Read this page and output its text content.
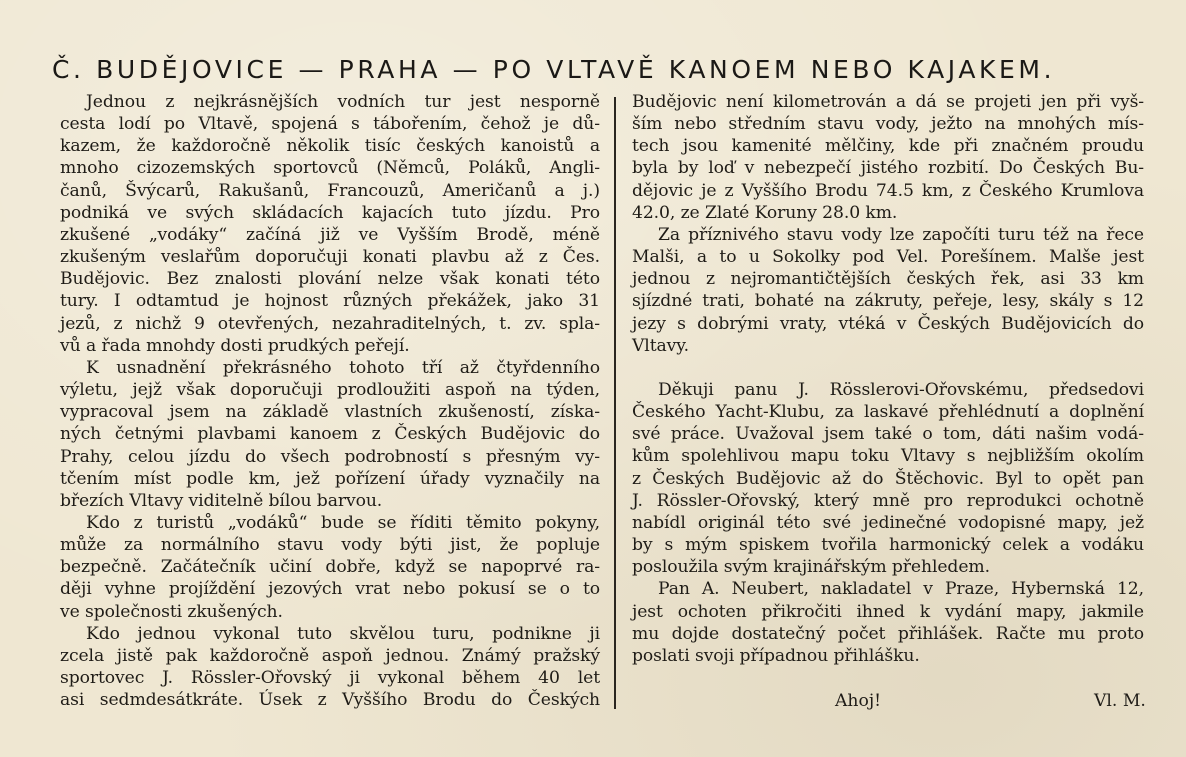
Č. BUDĚJOVICE — PRAHA — PO VLTAVĚ KANOEM NEBO KAJAKEM.
Jednou z nejkrásnějších vodních tur jest nesporně
cesta lodí po Vltavě, spojená s tábořením, čehož je dů-
kazem, že každoročně několik tisíc českých kanoistů a
mnoho cizozemských sportovců (Němců, Poláků, Angli-
čanů, Švýcarů, Rakušanů, Francouzů, Američanů a j.)
podniká ve svých skládacích kajacích tuto jízdu. Pro
zkušené „vodáky“ začíná již ve Vyšším Brodě, méně
zkušeným veslařům doporučuji konati plavbu až z Čes.
Budějovic. Bez znalosti plování nelze však konati této
tury. I odtamtud je hojnost různých překážek, jako 31
jezů, z nichž 9 otevřených, nezahraditelných, t. zv. spla-
vů a řada mnohdy dosti prudkých peřejí.
K usnadnění překrásného tohoto tří až čtyřdenního
výletu, jejž však doporučuji prodloužiti aspoň na týden,
vypracoval jsem na základě vlastních zkušeností, získa-
ných četnými plavbami kanoem z Českých Budějovic do
Prahy, celou jízdu do všech podrobností s přesným vy-
tčením míst podle km, jež pořízení úřady vyznačily na
březích Vltavy viditelně bílou barvou.
Kdo z turistů „vodáků“ bude se říditi těmito pokyny,
může za normálního stavu vody býti jist, že popluje
bezpečně. Začátečník učiní dobře, když se napoprvé ra-
ději vyhne projíždění jezových vrat nebo pokusí se o to
ve společnosti zkušených.
Kdo jednou vykonal tuto skvělou turu, podnikne ji
zcela jistě pak každoročně aspoň jednou. Známý pražský
sportovec J. Rössler-Ořovský ji vykonal během 40 let
asi sedmdesátkráte. Úsek z Vyššího Brodu do Českých
Budějovic není kilometrován a dá se projeti jen při vyš-
ším nebo středním stavu vody, ježto na mnohých mís-
tech jsou kamenité mělčiny, kde při značném proudu
byla by loď v nebezpečí jistého rozbití. Do Českých Bu-
dějovic je z Vyššího Brodu 74.5 km, z Českého Krumlova
42.0, ze Zlaté Koruny 28.0 km.
Za příznivého stavu vody lze započíti turu též na řece
Malši, a to u Sokolky pod Vel. Porešínem. Malše jest
jednou z nejromantičtějších českých řek, asi 33 km
sjízdné trati, bohaté na zákruty, peřeje, lesy, skály s 12
jezy s dobrými vraty, vtéká v Českých Budějovicích do
Vltavy.
Děkuji panu J. Rösslerovi-Ořovskému, předsedovi
Českého Yacht-Klubu, za laskavé přehlédnutí a doplnění
své práce. Uvažoval jsem také o tom, dáti našim vodá-
kům spolehlivou mapu toku Vltavy s nejbližším okolím
z Českých Budějovic až do Štěchovic. Byl to opět pan
J. Rössler-Ořovský, který mně pro reprodukci ochotně
nabídl originál této své jedinečné vodopisné mapy, jež
by s mým spiskem tvořila harmonický celek a vodáku
posloužila svým krajinářským přehledem.
Pan A. Neubert, nakladatel v Praze, Hybernská 12,
jest ochoten přikročiti ihned k vydání mapy, jakmile
mu dojde dostatečný počet přihlášek. Račte mu proto
poslati svoji případnou přihlášku.
Ahoj!	Vl. M.
